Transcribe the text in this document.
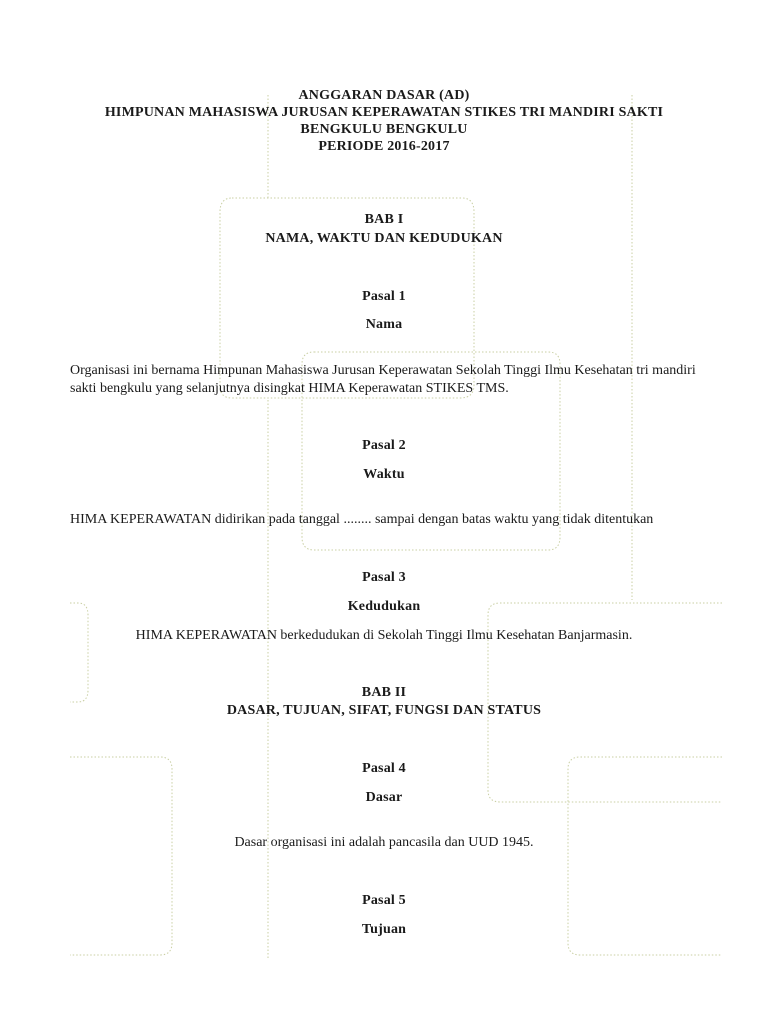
ANGGARAN DASAR (AD)
HIMPUNAN MAHASISWA JURUSAN KEPERAWATAN STIKES TRI MANDIRI SAKTI
BENGKULU BENGKULU
PERIODE 2016-2017
BAB I
NAMA, WAKTU DAN KEDUDUKAN
Pasal 1
Nama

Organisasi ini bernama Himpunan Mahasiswa Jurusan Keperawatan Sekolah Tinggi Ilmu Kesehatan tri mandiri sakti bengkulu yang selanjutnya disingkat HIMA Keperawatan STIKES TMS.

Pasal 2
Waktu
HIMA KEPERAWATAN didirikan pada tanggal ........ sampai dengan batas waktu yang tidak ditentukan
Pasal 3
Kedudukan
HIMA KEPERAWATAN berkedudukan di Sekolah Tinggi Ilmu Kesehatan Banjarmasin.
BAB II
DASAR, TUJUAN, SIFAT, FUNGSI DAN STATUS
Pasal 4
Dasar
Dasar organisasi ini adalah pancasila dan UUD 1945.
Pasal 5
Tujuan
